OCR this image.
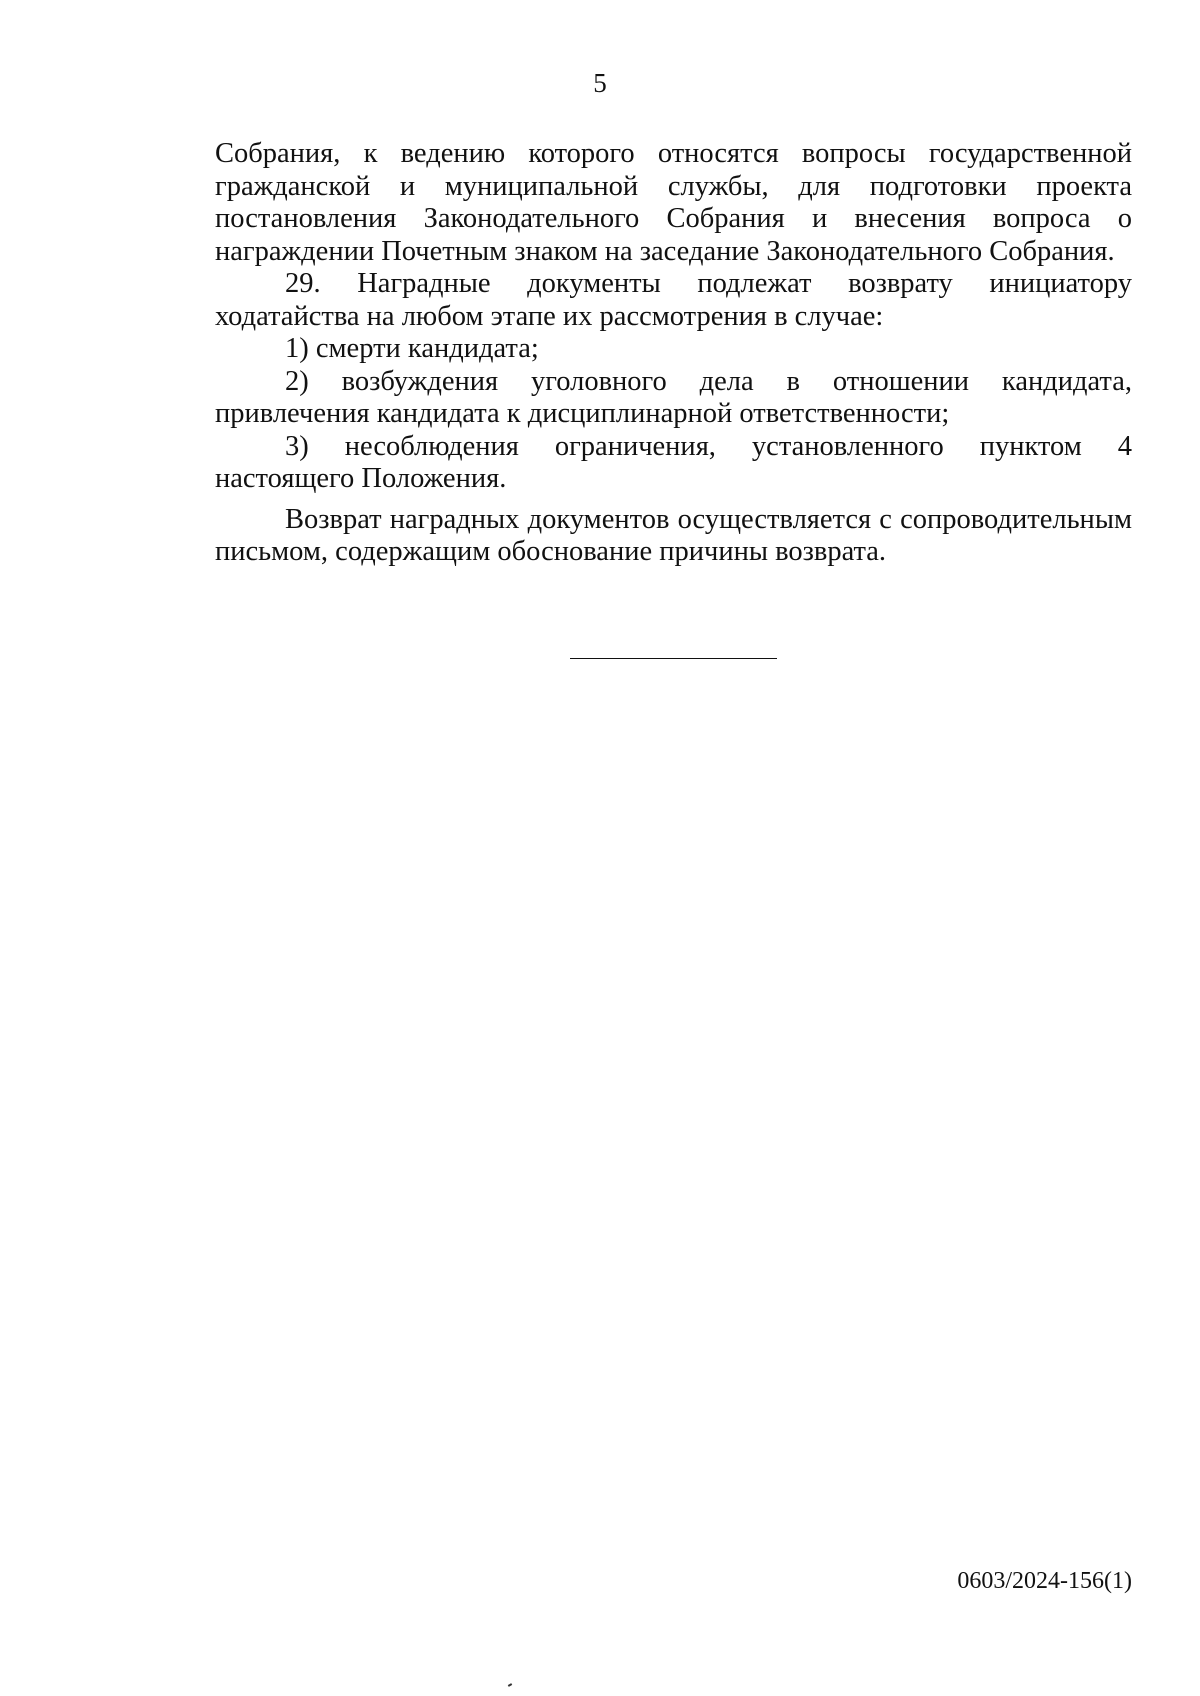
5

Собрания, к ведению которого относятся вопросы государственной

гражданской и муниципальной службы, для подготовки проекта

постановления Законодательного Собрания и внесения вопроса о

награждении Почетным знаком на заседание Законодательного Собрания.

29. Наградные документы подлежат возврату инициатору

ходатайства на любом этапе их рассмотрения в случае:

1) смерти кандидата;

2) возбуждения уголовного дела в отношении кандидата,

привлечения кандидата к дисциплинарной ответственности;

3) несоблюдения ограничения, установленного пунктом 4

настоящего Положения.

Возврат наградных документов осуществляется с сопроводительным

письмом, содержащим обоснование причины возврата.

0603/2024-156(1)
